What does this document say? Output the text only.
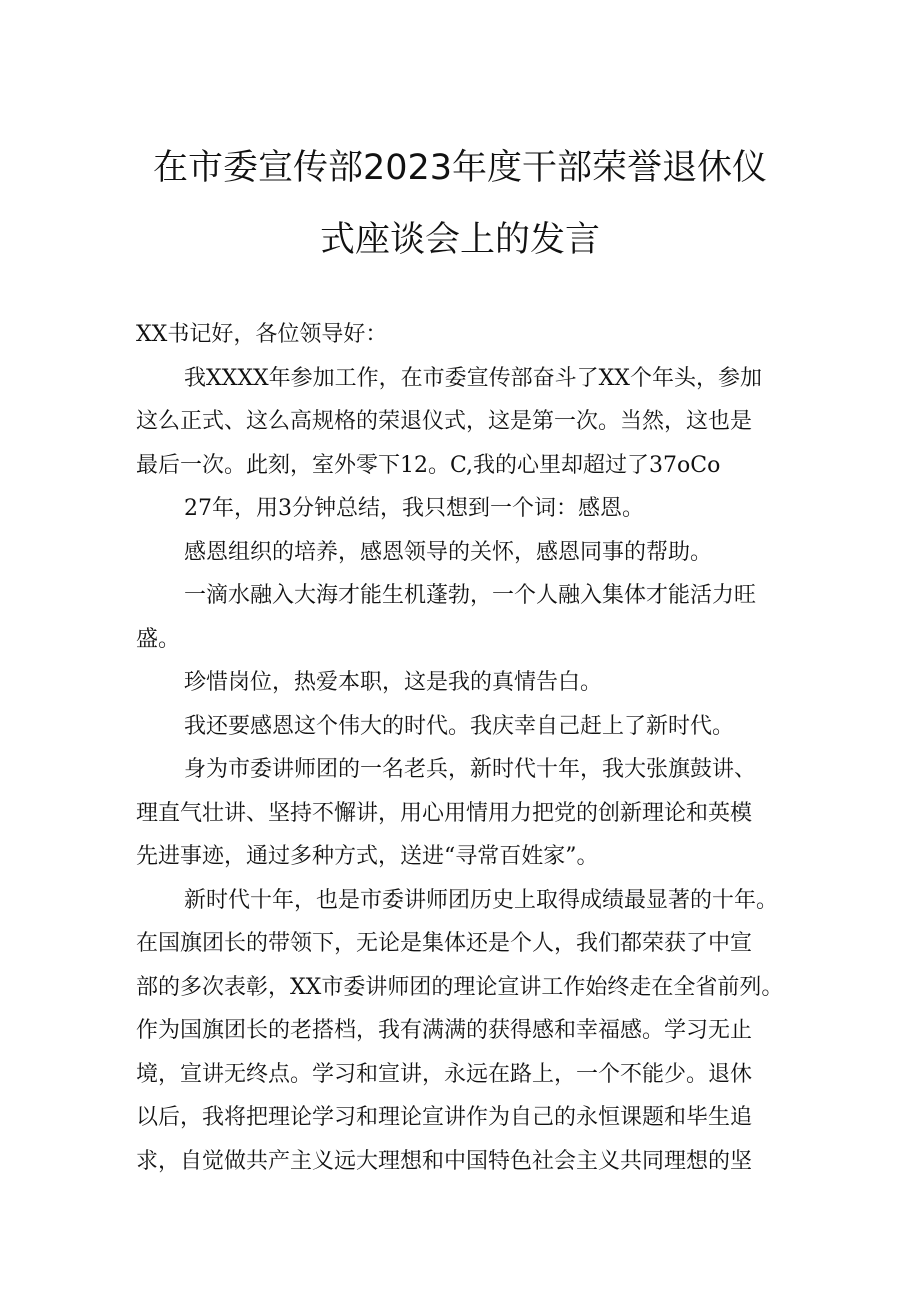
在市委宣传部2023年度干部荣誉退休仪
式座谈会上的发言
XX书记好，各位领导好：
我XXXX年参加工作，在市委宣传部奋斗了XX个年头，参加
这么正式、这么高规格的荣退仪式，这是第一次。当然，这也是
最后一次。此刻，室外零下12。C,我的心里却超过了37oCo
27年，用3分钟总结，我只想到一个词：感恩。
感恩组织的培养，感恩领导的关怀，感恩同事的帮助。
一滴水融入大海才能生机蓬勃，一个人融入集体才能活力旺
盛。
珍惜岗位，热爱本职，这是我的真情告白。
我还要感恩这个伟大的时代。我庆幸自己赶上了新时代。
身为市委讲师团的一名老兵，新时代十年，我大张旗鼓讲、
理直气壮讲、坚持不懈讲，用心用情用力把党的创新理论和英模
先进事迹，通过多种方式，送进“寻常百姓家”。
新时代十年，也是市委讲师团历史上取得成绩最显著的十年。
在国旗团长的带领下，无论是集体还是个人，我们都荣获了中宣
部的多次表彰，XX市委讲师团的理论宣讲工作始终走在全省前列。
作为国旗团长的老搭档，我有满满的获得感和幸福感。学习无止
境，宣讲无终点。学习和宣讲，永远在路上，一个不能少。退休
以后，我将把理论学习和理论宣讲作为自己的永恒课题和毕生追
求，自觉做共产主义远大理想和中国特色社会主义共同理想的坚
